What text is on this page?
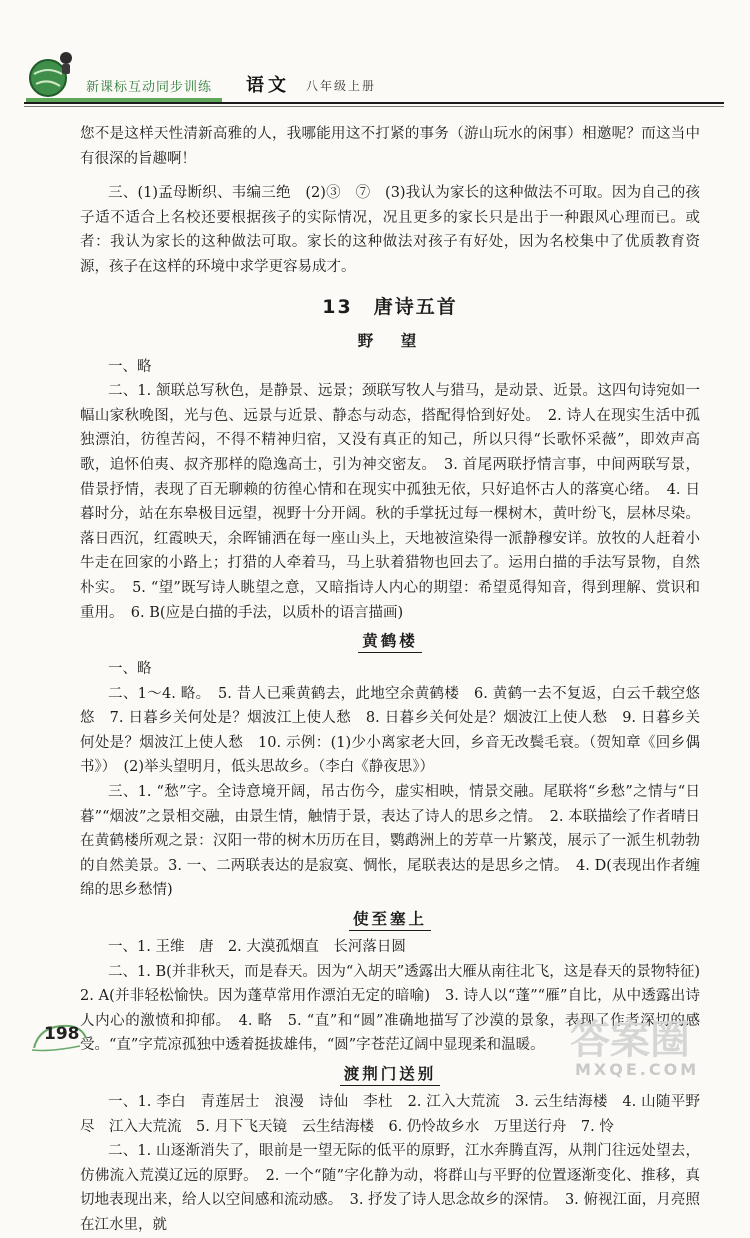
新课标互动同步训练 语文 八年级上册

您不是这样天性清新高雅的人，我哪能用这不打紧的事务（游山玩水的闲事）相邀呢？而这当中有很深的旨趣啊！

三、(1)孟母断织、韦编三绝　(2)③　⑦　(3)我认为家长的这种做法不可取。因为自己的孩子适不适合上名校还要根据孩子的实际情况，况且更多的家长只是出于一种跟风心理而已。或者：我认为家长的这种做法可取。家长的这种做法对孩子有好处，因为名校集中了优质教育资源，孩子在这样的环境中求学更容易成才。

13　唐诗五首
野　望

一、略

二、1. 颔联总写秋色，是静景、远景；颈联写牧人与猎马，是动景、近景。这四句诗宛如一幅山家秋晚图，光与色、远景与近景、静态与动态，搭配得恰到好处。　2. 诗人在现实生活中孤独漂泊，彷徨苦闷，不得不精神归宿，又没有真正的知己，所以只得“长歌怀采薇”，即效声高歌，追怀伯夷、叔齐那样的隐逸高士，引为神交密友。　3. 首尾两联抒情言事，中间两联写景，借景抒情，表现了百无聊赖的彷徨心情和在现实中孤独无依，只好追怀古人的落寞心绪。　4. 日暮时分，站在东皋极目远望，视野十分开阔。秋的手掌抚过每一棵树木，黄叶纷飞，层林尽染。落日西沉，红霞映天，余晖铺洒在每一座山头上，天地被渲染得一派静穆安详。放牧的人赶着小牛走在回家的小路上；打猎的人牵着马，马上驮着猎物也回去了。运用白描的手法写景物，自然朴实。　5. “望”既写诗人眺望之意，又暗指诗人内心的期望：希望觅得知音，得到理解、赏识和重用。　6. B(应是白描的手法，以质朴的语言描画)

黄鹤楼

一、略

二、1～4. 略。　5. 昔人已乘黄鹤去，此地空余黄鹤楼　6. 黄鹤一去不复返，白云千载空悠悠　7. 日暮乡关何处是？烟波江上使人愁　8. 日暮乡关何处是？烟波江上使人愁　9. 日暮乡关何处是？烟波江上使人愁　10. 示例：(1)少小离家老大回，乡音无改鬓毛衰。（贺知章《回乡偶书》）　(2)举头望明月，低头思故乡。（李白《静夜思》）

三、1. “愁”字。全诗意境开阔，吊古伤今，虚实相映，情景交融。尾联将“乡愁”之情与“日暮”“烟波”之景相交融，由景生情，触情于景，表达了诗人的思乡之情。　2. 本联描绘了作者晴日在黄鹤楼所观之景：汉阳一带的树木历历在目，鹦鹉洲上的芳草一片繁茂，展示了一派生机勃勃的自然美景。3. 一、二两联表达的是寂寞、惆怅，尾联表达的是思乡之情。　4. D(表现出作者缠绵的思乡愁情)

使至塞上

一、1. 王维　唐　2. 大漠孤烟直　长河落日圆

二、1. B(并非秋天，而是春天。因为“入胡天”透露出大雁从南往北飞，这是春天的景物特征)　2. A(并非轻松愉快。因为蓬草常用作漂泊无定的暗喻)　3. 诗人以“蓬”“雁”自比，从中透露出诗人内心的激愤和抑郁。　4. 略　5. “直”和“圆”准确地描写了沙漠的景象，表现了作者深切的感受。“直”字荒凉孤独中透着挺拔雄伟，“圆”字苍茫辽阔中显现柔和温暖。

渡荆门送别

一、1. 李白　青莲居士　浪漫　诗仙　李杜　2. 江入大荒流　3. 云生结海楼　4. 山随平野尽　江入大荒流　5. 月下飞天镜　云生结海楼　6. 仍怜故乡水　万里送行舟　7. 怜

二、1. 山逐渐消失了，眼前是一望无际的低平的原野，江水奔腾直泻，从荆门往远处望去，仿佛流入荒漠辽远的原野。　2. 一个“随”字化静为动，将群山与平野的位置逐渐变化、推移，真切地表现出来，给人以空间感和流动感。　3. 抒发了诗人思念故乡的深情。　3. 俯视江面，月亮照在江水里，就

198	答案圈
MXQE.COM
